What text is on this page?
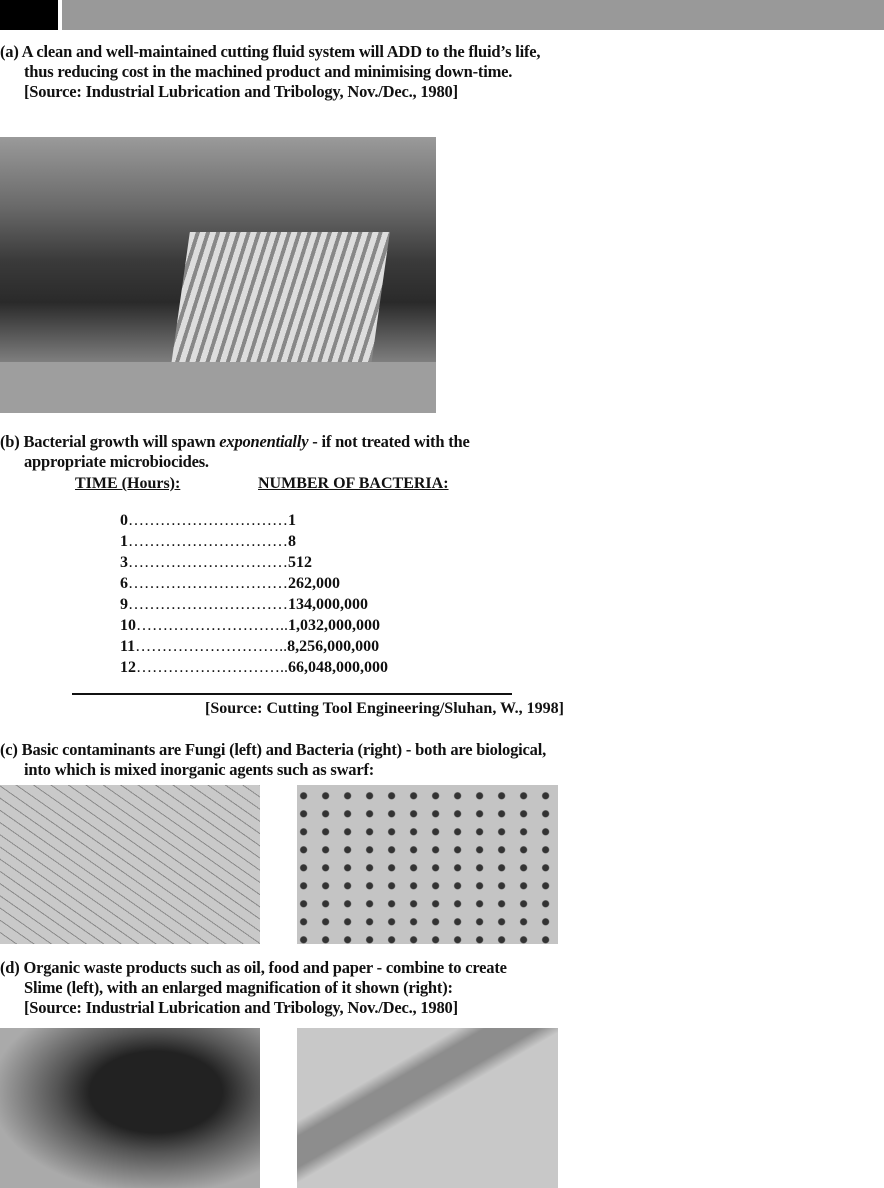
(a) A clean and well-maintained cutting fluid system will ADD to the fluid’s life,
thus reducing cost in the machined product and minimising down-time.
[Source: Industrial Lubrication and Tribology, Nov./Dec., 1980]
(b) Bacterial growth will spawn exponentially - if not treated with the
appropriate microbiocides.
TIME (Hours):	NUMBER OF BACTERIA:
0…………………………1
1…………………………8
3…………………………512
6…………………………262,000
9…………………………134,000,000
10………………………..1,032,000,000
11………………………..8,256,000,000
12………………………..66,048,000,000
[Source: Cutting Tool Engineering/Sluhan, W., 1998]
(c) Basic contaminants are Fungi (left) and Bacteria (right) - both are biological,
into which is mixed inorganic agents such as swarf:
(d) Organic waste products such as oil, food and paper - combine to create
Slime (left), with an enlarged magnification of it shown (right):
[Source: Industrial Lubrication and Tribology, Nov./Dec., 1980]
